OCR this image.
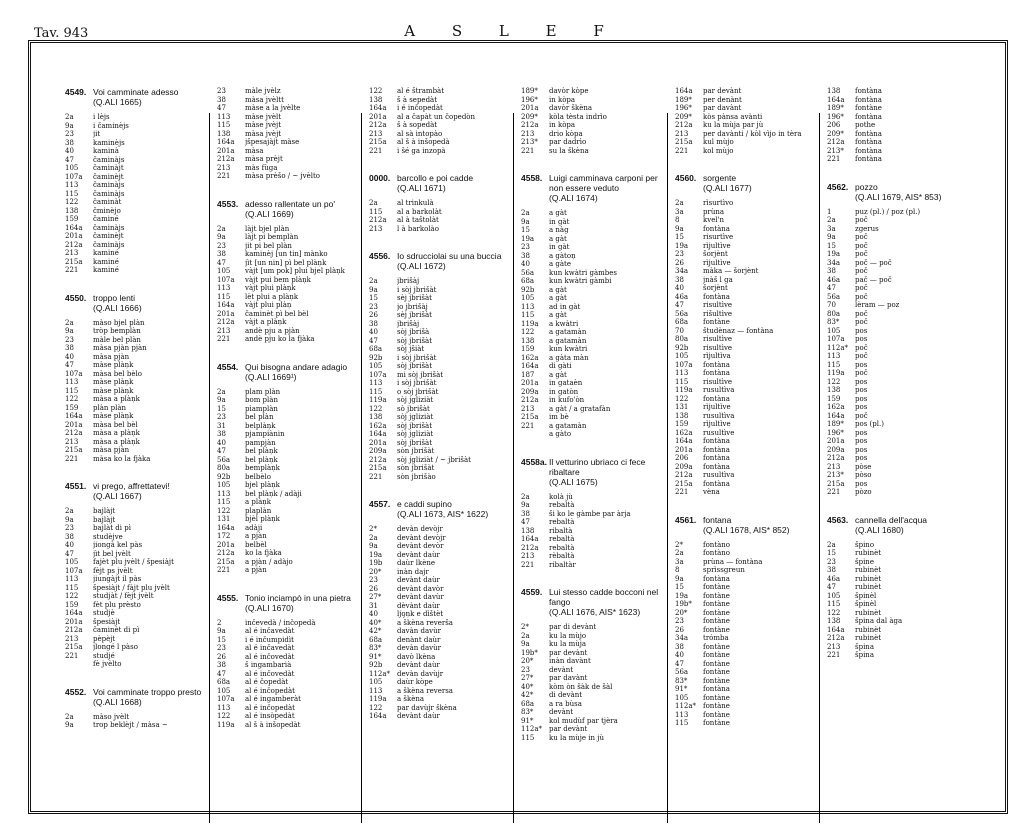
Tav. 943	A S L E F
4549. Voi camminate adesso
(Q.ALI 1665)
2a	i lèjs
9a	i čaminèjs
23	jit
38	kaminèjs
40	kaminà
47	čaminàjs
105	čaminàjt
107a	čaminèjt
113	čaminàjs
115	čaminàjs
122	čaminàt
138	čminèjo
159	čaminé
164a	čaminàjs
201a	čaminèjt
212a	čaminàjs
213	kaminé
215a	kaminé
221	kaminé
4550. troppo lenti
(Q.ALI 1666)
2a	màso bjel plàn
9a	tròp bemplàn
23	màle bel plàn
38	màsa pjàn pjàn
40	màsa pjàn
47	màse plàņk
107a	màsa bel bèlo
113	màse plàņk
115	màse plàņk
122	màsa a plàņk
159	plàn plàn
164a	màse plàņk
201a	màsa bel bèl
212a	màsa a plàņk
213	màsa a plàņk
215a	màsa pjàn
221	màsa ko la fjàka
4551. vi prego, affrettatevi!
(Q.ALI 1667)
2a	bajlàjt
9a	bajlàjt
23	bajlàt di pì
38	studèjve
40	jiongà kel pàs
47	jìt bel jvèlt
105	fajèt plu jvèlt / špesiàjt
107a	fèjt ps jvèlt
113	jiungàjt il pàs
115	špesiàjt / fàjt plu jvèlt
122	studjàt / fèjt jvèlt
159	fèt plu prèsto
164a	studjè
201a	špesiàjt
212a	čaminèt di pì
213	pèpèjt
215a	jlongé l pàso
221	studjé
fè jvèlto
4552. Voi camminate troppo presto
(Q.ALI 1668)
2a	màso jvèlt
9a	trop beklèjt / màsa ~
23	màle jvèlz
38	màsa jvèltt
47	màse a la jvèlte
113	màse jvèlt
115	màse jvèjt
138	màsa jvèjt
164a	jšpesajàjt màse
201a	màsa
212a	màsa prèjt
213	màs fùga
221	màsa prèšo / ~ jvèlto
4553. adesso rallentate un po'
(Q.ALI 1669)
2a	làjt bjel plàn
9a	làjt pi bemplàn
23	jit pi bel plàn
38	kaminèj [un tin] mànko
47	jìt [un nin] pì bel plàņk
105	vàjt [um pok] plui bjel plàņk
107a	vàjt pui bem plàņk
113	vàjt plui plàņk
115	lèt plui a plàņk
164a	vàjt plui plàņ
201a	čaminèt pì bel bèl
212a	vàjt a plàņk
213	andè pju a pjàn
221	andè pju ko la fjàka
4554. Qui bisogna andare adagio
(Q.ALI 1669¹)
2a	plam plàn
9a	bom plàn
15	pìamplàn
23	bel plàn
31	belplàņk
38	pjampiànin
40	pampjàn
47	bel plàņk
56a	bel plàņk
80a	bemplàņk
92b	belbèlo
105	bjel plàņk
113	bel plàņk / adàji
115	a plàņk
122	plaplàn
131	bjèl plàņk
164a	adàji
172	a pjàn
201a	belbèl
212a	ko la fjàka
215a	a pjàn / adàjo
221	a pjàn
4555. Tonio inciampò in una pietra
(Q.ALI 1670)
2	inčevedà / inčopedà
9a	al é inčavedàt
15	i é inčumpidìt
23	al é inčavedàt
26	al é inčovedàt
38	š ingambarià
47	al é inčovedàt
68a	al é čopedàt
105	al é inčopedàt
107a	al é ingamberàt
113	al é inčopedàt
122	al é insòpedàt
119a	al š à inšopedàt
122	al é štrambàt
138	š à sepedàt
164a	i é inčopedàt
201a	al a čapàt un čopedòn
212a	š à sopedàt
213	al sà intopào
215a	al š à inšopedà
221	i šé ga inzopà
0000. barcollo e poi cadde
(Q.ALI 1671)
2a	al trinkulà
115	al a barkolàt
212a	al à taštolàt
213	l à barkolào
4556. Io sdrucciolai su una buccia
(Q.ALI 1672)
2a	jbrišàj
9a	i sòj jbrišàt
15	sèj jbrišàt
23	jo jbrišàj
26	sèj jbrišàt
38	jbrišàj
40	sòj jbrišà
47	sòj jbrišàt
68a	sòj jšiàt
92b	i sòj jbrišàt
105	sòj jbrišàt
107a	mi sòj jbrišàt
113	i sòj jbrišàt
115	o sòj jbrišàt
119a	sòj jgliziàt
122	sò jbrišàt
138	sòj jgliziàt
162a	sòj jbrišàt
164a	sòj jgliziàt
201a	sòj jbrišàt
209a	sòn jbrišàt
212a	sòj jgliziàt / ~ jbrišàt
215a	sòn jbrišàt
221	sòn jbrišào
4557. e caddi supino
(Q.ALI 1673, AIS* 1622)
2*	devàn devòjr
2a	devànt devòjr
9a	devànt devòr
19a	devànt daùr
19b	daùr lkène
20*	inàn dajr
23	devànt daùr
26	devànt davòr
27*	devànt davùr
31	dèvànt daùr
40	ljo̧ņk e dìštèt
40*	a škèna reverša
42*	davàn davùr
68a	denànt daùr
83*	devàn davùr
91*	davò lkèna
92b	devànt daùr
112a* devàn davùjr
105	daùr kòpe
113	a škèna reversa
119a	a škèna
122	par davùjr škèna
164a	devànt daùr
189*	davòr kòpe
196*	in kòpa
201a	davòr škèna
209*	kòla tèsta indrìo
212a	in kòpa
213	drio kòpa
213*	par dadrìo
221	su la škèna
4558. Luigi camminava carponi per non essere veduto
(Q.ALI 1674)
2a	a gàt
9a	in gàt
15	a nàg
19a	a gàt
23	in gàt
38	a gàtoņ
40	a gàte
56a	kun kwàtri gàmbes
68a	kun kwàtri gàmbi
92b	a gàt
105	a gàt
113	ad in gàt
115	a gàt
119a	a kwàtri
122	a gatamàn
138	a gatamàn
159	kun kwàtri
162a	a gàta màn
164a	di gàti
187	a gàt
201a	in gataèn
209a	in gatòn
212a	in kufo'òn
213	a gàt / a gratafàn
215a	im bè
221	a gatamàn
a gàto
4558a. Il vetturino ubriaco ci fece ribaltare
(Q.ALI 1675)
2a	kolà jù
9a	rebaltà
38	ši ko le gàmbe par àrja
47	rebaltà
138	ribaltà
164a	rebaltà
212a	rebaltà
213	rèbaltà
221	ribaltàr
4559. Lui stesso cadde bocconi nel fango
(Q.ALI 1676, AIS* 1623)
2*	par di devànt
2a	ku la mùjo
9a	ku la mùja
19b*	par devànt
20*	inàn davànt
23	devànt
27*	par davànt
40*	kòm òn šàk de šàl
42*	di devànt
68a	a ra bùsa
83*	devànt
91*	kol mudùf par tjèra
112a* par devànt
115	ku la mùje in jù
164a	par devànt
189*	per denànt
196*	par davànt
209*	kòs pànsa avànti
212a	ku la mùja par jù
213	per davànti / kòl vìjo in tèra
215a	kul mùjo
221	kol mùjo
4560. sorgente
(Q.ALI 1677)
2a	rìsurtìvo
3a	prùna
8	kvel'n
9a	fontàna
15	risurtìve
19a	rìjultìve
23	šorjènt
26	rìjultìve
34a	màka — šorjènt
38	jnàš l ga
40	šorjènt
46a	fontàna
47	risultìve
56a	rišultìve
68a	fontàne
70	študènaz — fontàna
80a	risultìve
92b	risultìve
105	rìjultìva
107a	fontàna
113	fontàna
115	risultìve
119a	rusultìva
122	fontàna
131	rìjultìve
138	rusultìva
159	rìjultìve
162a	rusultìve
164a	fontàna
201a	fontàna
206	fontàna
209a	fontàna
212a	rusultìva
215a	fontàna
221	vèna
4561. fontana
(Q.ALI 1678, AIS* 852)
2*	fontàno
2a	fontàno
3a	prùna — fontàna
8	sprìssgreun
9a	fontàna
15	fontàne
19a	fontàne
19b*	fontàne
20*	fontàne
23	fontàne
26	fontàne
34a	trómba
38	fontàne
40	fontàne
47	fontàne
56a	fontàne
83*	fontàne
91*	fontàna
105	fontàne
112a* fontàne
113	fontàne
115	fontàne
138	fontàna
164a	fontàna
189*	fontàne
196*	fontàna
206	pothe
209*	fontàna
212a	fontàna
213*	fontàna
221	fontàna
4562. pozzo
(Q.ALI 1679, AIS* 853)
1	puz (pl.) / poz (pl.)
2a	poč
3a	zgerus
9a	poč
15	poč
19a	poč
34a	poč — poč
38	poč
46a	pač — poč
47	poč
56a	poč
70	lèram — poz
80a	poč
83*	poč
105	pos
107a	pos
112a* poč
113	poč
115	pos
119a	poč
122	pos
138	pos
159	pos
162a	pos
164a	poč
189*	pos (pl.)
196*	pos
201a	pos
209a	pos
212a	pos
213	pòse
213*	pòso
215a	pos
221	pòzo
4563. cannella dell'acqua
(Q.ALI 1680)
2a	špino
15	rubinèt
23	špine
38	rubinèt
46a	rubinèt
47	rubinèt
105	špinèl
115	špinèl
122	rubinèt
138	špina dal àga
164a	rubinèt
212a	rubinèt
213	špina
221	špina
